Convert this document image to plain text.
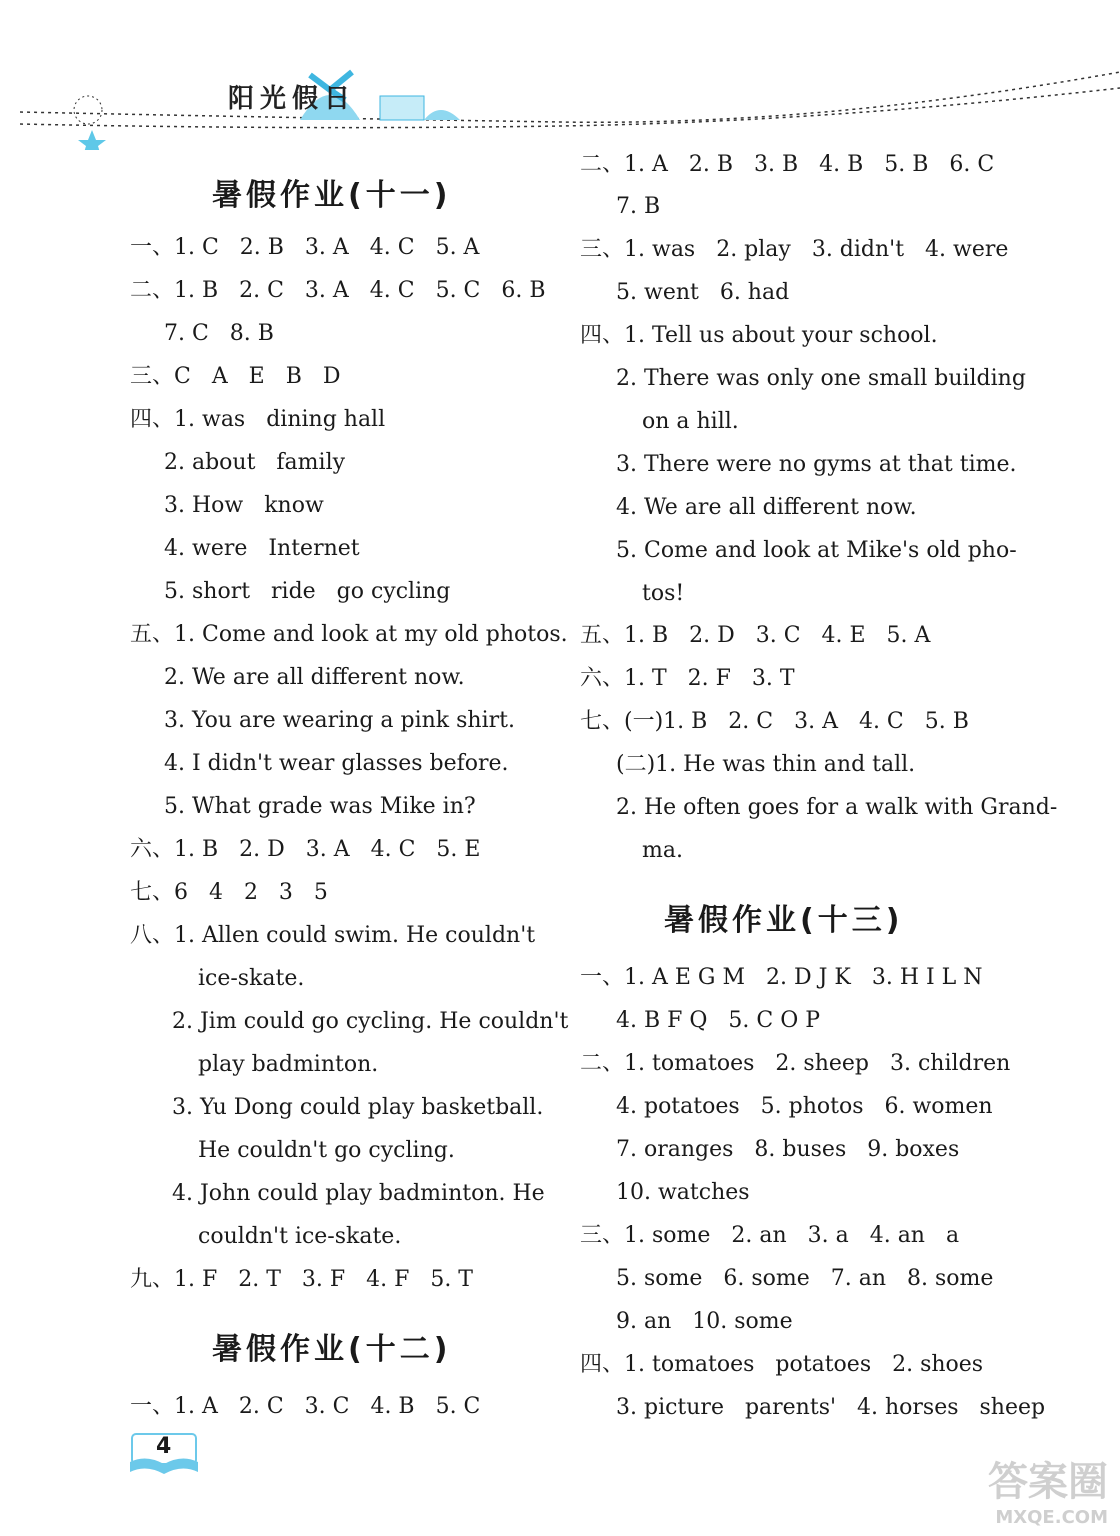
阳光假日
暑假作业(十一)
一、1. C   2. B   3. A   4. C   5. A
二、1. B   2. C   3. A   4. C   5. C   6. B
7. C   8. B
三、C   A   E   B   D
四、1. was   dining hall
2. about   family
3. How   know
4. were   Internet
5. short   ride   go cycling
五、1. Come and look at my old photos.
2. We are all different now.
3. You are wearing a pink shirt.
4. I didn't wear glasses before.
5. What grade was Mike in?
六、1. B   2. D   3. A   4. C   5. E
七、6   4   2   3   5
八、1. Allen could swim. He couldn't
ice-skate.
2. Jim could go cycling. He couldn't
play badminton.
3. Yu Dong could play basketball.
He couldn't go cycling.
4. John could play badminton. He
couldn't ice-skate.
九、1. F   2. T   3. F   4. F   5. T
暑假作业(十二)
一、1. A   2. C   3. C   4. B   5. C
二、1. A   2. B   3. B   4. B   5. B   6. C
7. B
三、1. was   2. play   3. didn't   4. were
5. went   6. had
四、1. Tell us about your school.
2. There was only one small building
on a hill.
3. There were no gyms at that time.
4. We are all different now.
5. Come and look at Mike's old pho-
tos!
五、1. B   2. D   3. C   4. E   5. A
六、1. T   2. F   3. T
七、(一)1. B   2. C   3. A   4. C   5. B
(二)1. He was thin and tall.
2. He often goes for a walk with Grand-
ma.
暑假作业(十三)
一、1. A E G M   2. D J K   3. H I L N
4. B F Q   5. C O P
二、1. tomatoes   2. sheep   3. children
4. potatoes   5. photos   6. women
7. oranges   8. buses   9. boxes
10. watches
三、1. some   2. an   3. a   4. an   a
5. some   6. some   7. an   8. some
9. an   10. some
四、1. tomatoes   potatoes   2. shoes
3. picture   parents'   4. horses   sheep
4
答案圈
MXQE.COM
